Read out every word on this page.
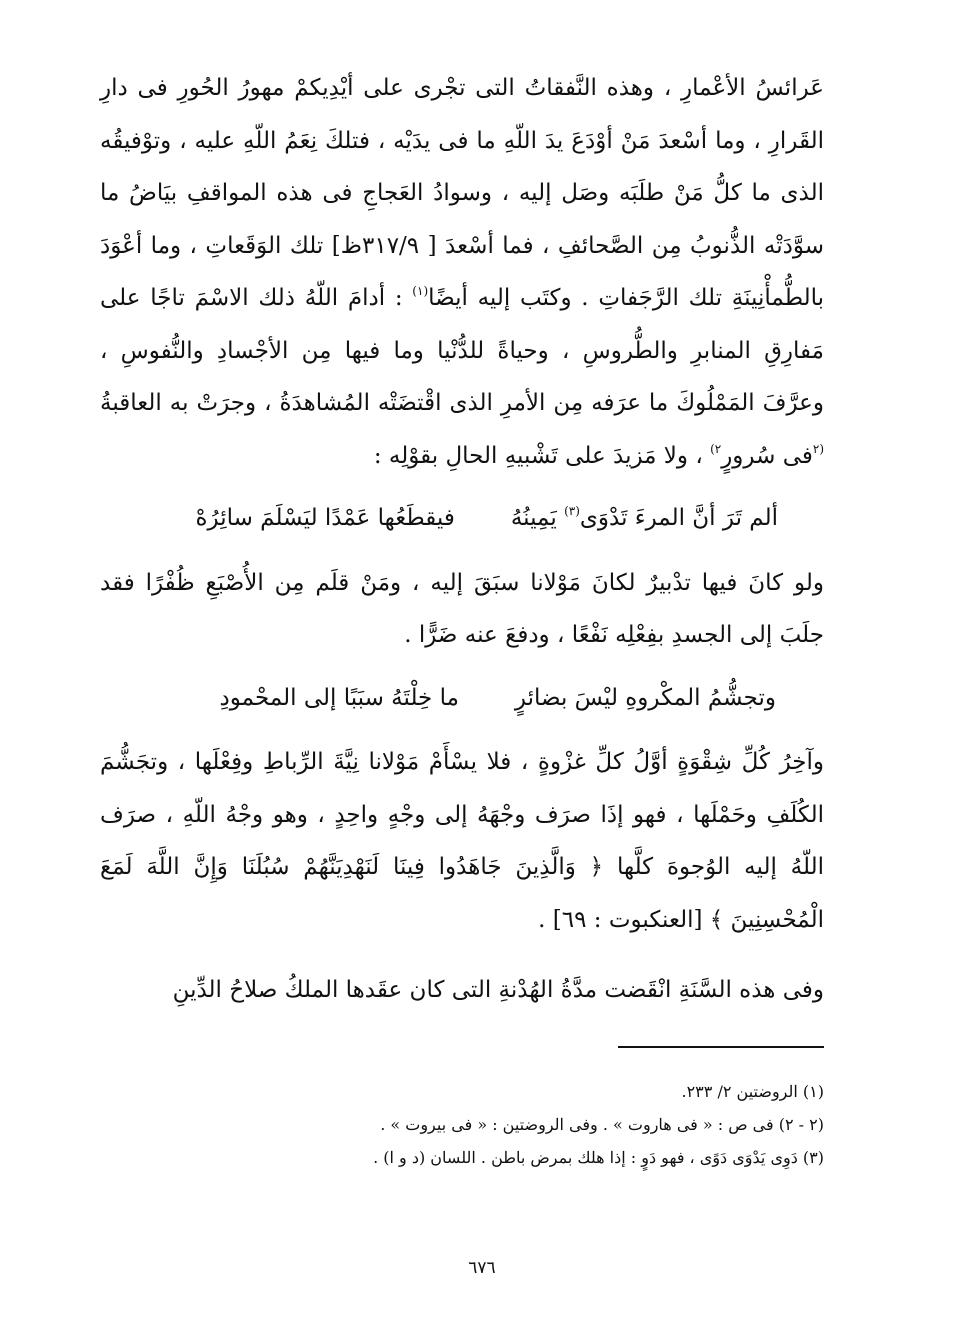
عَرائسُ الأعْمارِ ، وهذه النَّفقاتُ التى تجْرى على أيْدِيكمْ مهورُ الحُورِ فى دارِ القَرارِ ، وما أسْعدَ مَنْ أوْدَعَ يدَ اللّهِ ما فى يدَيْه ، فتلكَ نِعَمُ اللّهِ عليه ، وتوْفيقُه الذى ما كلُّ مَنْ طلَبَه وصَل إليه ، وسوادُ العَجاجِ فى هذه المواقفِ بيَاضُ ما سوَّدَتْه الذُّنوبُ مِن الصَّحائفِ ، فما أسْعدَ [ ٣١٧/٩ظ] تلك الوَقَعاتِ ، وما أعْوَدَ بالطُّمأْنِينَةِ تلك الرَّجَفاتِ . وكتَب إليه أيضًا$^{(١)}$ : أدامَ اللّهُ ذلك الاسْمَ تاجًا على مَفارِقِ المنابرِ والطُّروسِ ، وحياةً للدُّنْيا وما فيها مِن الأجْسادِ والنُّفوسِ ، وعرَّفَ المَمْلُوكَ ما عرَفه مِن الأمرِ الذى اقْتضَتْه المُشاهدَةُ ، وجرَتْ به العاقبةُ $^{(٢}$فى سُرورٍ$^{٢)}$ ، ولا مَزيدَ على تَشْبيهِ الحالِ بقوْلِه :

ألم تَرَ أنَّ المرءَ تَدْوَى$^{(٣)}$ يَمِينُهُ
فيقطَعُها عَمْدًا ليَسْلَمَ سائِرُهْ

ولو كانَ فيها تدْبيرٌ لكانَ مَوْلانا سبَقَ إليه ، ومَنْ قلَم مِن الأُصْبَعِ ظُفْرًا فقد جلَبَ إلى الجسدِ بفِعْلِه نَفْعًا ، ودفعَ عنه ضَرًّا .

وتجشُّمُ المكْروهِ ليْسَ بضائرٍ
ما خِلْتَهُ سبَبًا إلى المحْمودِ

وآخِرُ كُلِّ شِقْوَةٍ أوَّلُ كلِّ غزْوةٍ ، فلا يسْأَمْ مَوْلانا نِيَّةَ الرِّباطِ وفِعْلَها ، وتجَشُّمَ الكُلَفِ وحَمْلَها ، فهو إذَا صرَف وجْهَهُ إلى وجْهٍ واحِدٍ ، وهو وجْهُ اللّهِ ، صرَف اللّهُ إليه الوُجوهَ كلَّها ﴿ وَالَّذِينَ جَاهَدُوا فِينَا لَنَهْدِيَنَّهُمْ سُبُلَنَا وَإِنَّ اللَّهَ لَمَعَ الْمُحْسِنِينَ ﴾ [العنكبوت : ٦٩] .

وفى هذه السَّنَةِ انْقَضت مدَّةُ الهُدْنةِ التى كان عقَدها الملكُ صلاحُ الدِّينِ

(١) الروضتين ٢/ ٢٣٣.

(٢ - ٢) فى ص : « فى هاروت » . وفى الروضتين : « فى بيروت » .

(٣) دَوِى يَدْوَى دَوًى ، فهو دَوٍ : إذا هلك بمرض باطن . اللسان (د و ا) .

٦٧٦
